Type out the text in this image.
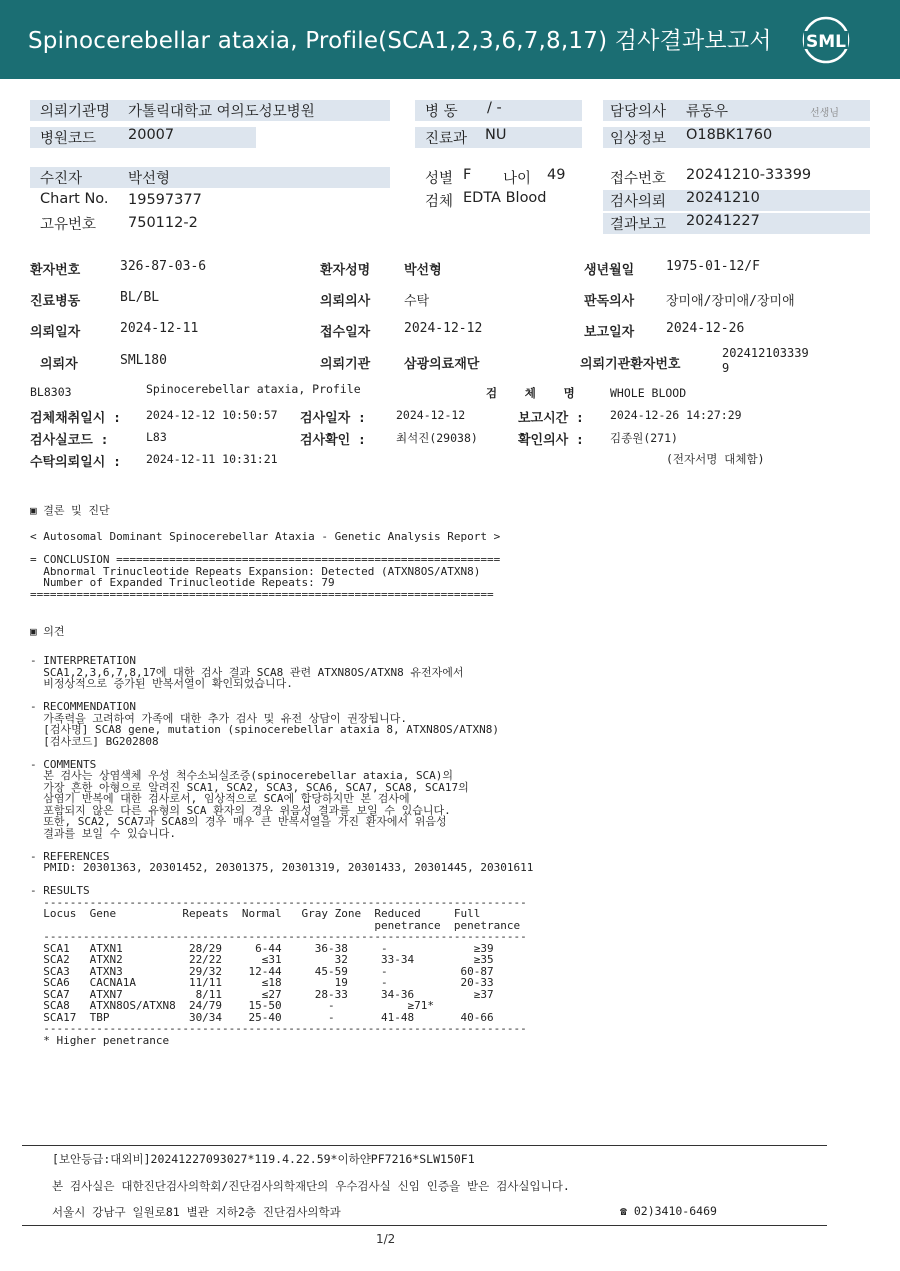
Spinocerebellar ataxia, Profile(SCA1,2,3,6,7,8,17) 검사결과보고서 SML
의뢰기관명 가톨릭대학교 여의도성모병원
병원코드 20007
병 동 / -
진료과 NU
담당의사 류동우	선생님
임상정보 O18BK1760
수진자	박선형
Chart No. 19597377
고유번호 750112-2
성별 F 나이 49
검체 EDTA Blood
접수번호 20241210-33399
검사의뢰 20241210
결과보고 20241227
환자번호	326-87-03-6	환자성명	박선형	생년월일 1975-01-12/F
진료병동	BL/BL	의뢰의사	수탁	판독의사 장미애/장미애/장미애
의뢰일자	2024-12-11	접수일자	2024-12-12	보고일자 2024-12-26
의뢰자	SML180	의뢰기관	삼광의료재단	의뢰기관환자번호
202412103339
9
BL8303	Spinocerebellar ataxia, Profile	검    체    명	WHOLE BLOOD
검체채취일시 : 2024-12-12 10:50:57 검사일자 :	2024-12-12	보고시간 : 2024-12-26 14:27:29
검사실코드 :	L83	검사확인 :	최석진(29038)	확인의사 : 김종원(271)
수탁의뢰일시 : 2024-12-11 10:31:21	(전자서명 대체함)
▣ 결론 및 진단
< Autosomal Dominant Spinocerebellar Ataxia - Genetic Analysis Report >

= CONCLUSION ==========================================================
Abnormal Trinucleotide Repeats Expansion: Detected (ATXN8OS/ATXN8)
Number of Expanded Trinucleotide Repeats: 79
======================================================================
▣ 의견
- INTERPRETATION
SCA1,2,3,6,7,8,17에 대한 검사 결과 SCA8 관련 ATXN8OS/ATXN8 유전자에서
비정상적으로 증가된 반복서열이 확인되었습니다.

- RECOMMENDATION
가족력을 고려하여 가족에 대한 추가 검사 및 유전 상담이 권장됩니다.
[검사명] SCA8 gene, mutation (spinocerebellar ataxia 8, ATXN8OS/ATXN8)
[검사코드] BG202808

- COMMENTS
본 검사는 상염색체 우성 척수소뇌실조증(spinocerebellar ataxia, SCA)의
가장 흔한 아형으로 알려진 SCA1, SCA2, SCA3, SCA6, SCA7, SCA8, SCA17의
삼염기 반복에 대한 검사로서, 임상적으로 SCA에 합당하지만 본 검사에
포함되지 않은 다른 유형의 SCA 환자의 경우 위음성 결과를 보일 수 있습니다.
또한, SCA2, SCA7과 SCA8의 경우 매우 큰 반복서열을 가진 환자에서 위음성
결과를 보일 수 있습니다.

- REFERENCES
PMID: 20301363, 20301452, 20301375, 20301319, 20301433, 20301445, 20301611

- RESULTS
-------------------------------------------------------------------------
Locus  Gene          Repeats  Normal   Gray Zone  Reduced     Full
penetrance  penetrance
-------------------------------------------------------------------------
SCA1   ATXN1          28/29     6-44     36-38     -             ≥39
SCA2   ATXN2          22/22      ≤31        32     33-34         ≥35
SCA3   ATXN3          29/32    12-44     45-59     -           60-87
SCA6   CACNA1A        11/11      ≤18        19     -           20-33
SCA7   ATXN7           8/11      ≤27     28-33     34-36         ≥37
SCA8   ATXN8OS/ATXN8  24/79    15-50       -           ≥71*
SCA17  TBP            30/34    25-40       -       41-48       40-66
-------------------------------------------------------------------------
* Higher penetrance
[보안등급:대외비]20241227093027*119.4.22.59*이하얀PF7216*SLW150F1
본 검사실은 대한진단검사의학회/진단검사의학재단의 우수검사실 신임 인증을 받은 검사실입니다.
서울시 강남구 일원로81 별관 지하2층 진단검사의학과	☎ 02)3410-6469
1/2
